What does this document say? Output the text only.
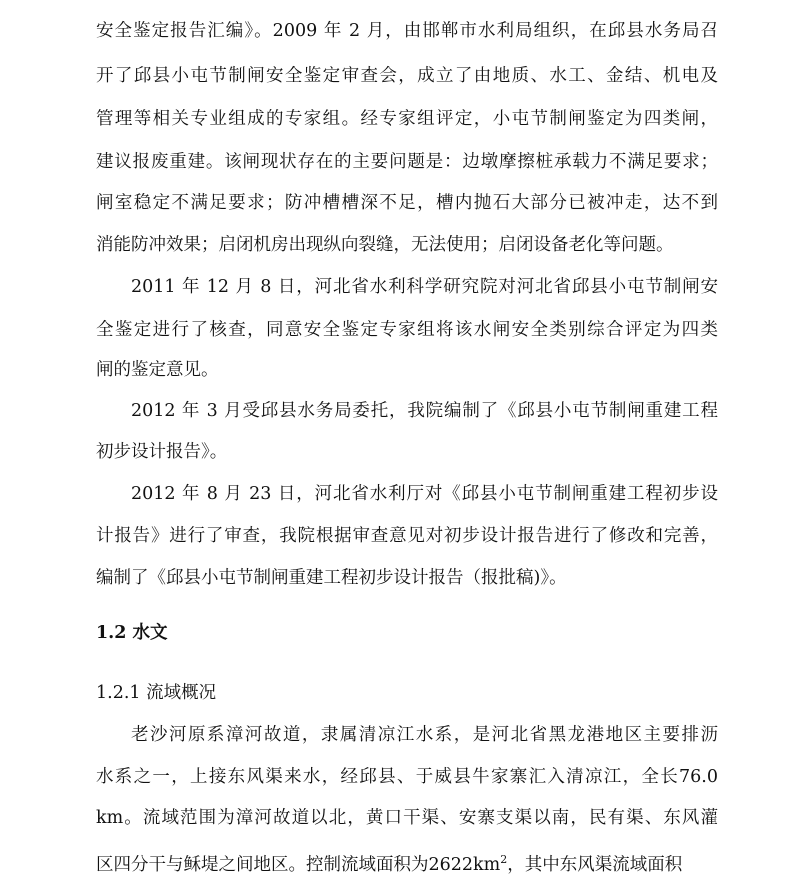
安全鉴定报告汇编》。2009 年 2 月，由邯郸市水利局组织，在邱县水务局召
开了邱县小屯节制闸安全鉴定审查会，成立了由地质、水工、金结、机电及
管理等相关专业组成的专家组。经专家组评定，小屯节制闸鉴定为四类闸，
建议报废重建。该闸现状存在的主要问题是：边墩摩擦桩承载力不满足要求；
闸室稳定不满足要求；防冲槽槽深不足，槽内抛石大部分已被冲走，达不到
消能防冲效果；启闭机房出现纵向裂缝，无法使用；启闭设备老化等问题。
2011 年 12 月 8 日，河北省水利科学研究院对河北省邱县小屯节制闸安
全鉴定进行了核查，同意安全鉴定专家组将该水闸安全类别综合评定为四类
闸的鉴定意见。
2012 年 3 月受邱县水务局委托，我院编制了《邱县小屯节制闸重建工程
初步设计报告》。
2012 年 8 月 23 日，河北省水利厅对《邱县小屯节制闸重建工程初步设
计报告》进行了审查，我院根据审查意见对初步设计报告进行了修改和完善，
编制了《邱县小屯节制闸重建工程初步设计报告（报批稿)》。
1.2 水文
1.2.1 流域概况
老沙河原系漳河故道，隶属清凉江水系，是河北省黑龙港地区主要排沥
水系之一，上接东风渠来水，经邱县、于威县牛家寨汇入清凉江，全长76.0
km。流域范围为漳河故道以北，黄口干渠、安寨支渠以南，民有渠、东风灌
区四分干与稣堤之间地区。控制流域面积为$2622km^2$，其中东风渠流域面积
